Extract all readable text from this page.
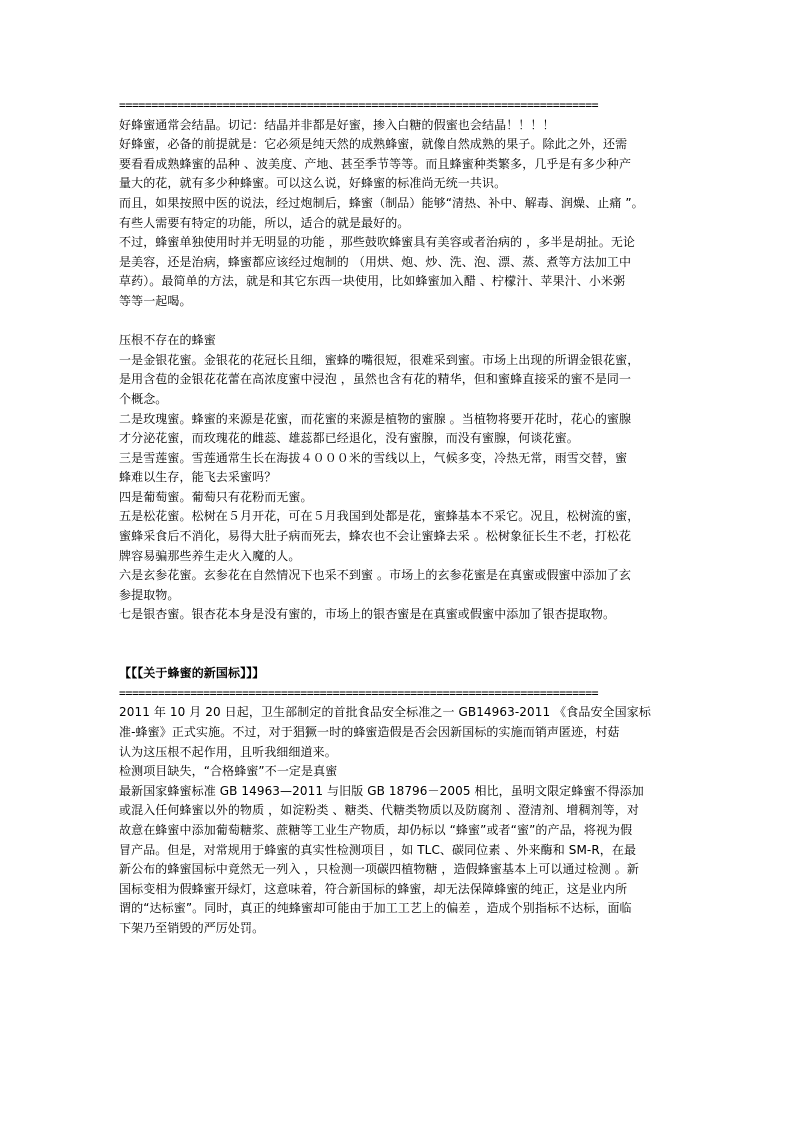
==========================================================================
好蜂蜜通常会结晶。切记：结晶并非都是好蜜，掺入白糖的假蜜也会结晶！！！！
好蜂蜜，必备的前提就是：它必须是纯天然的成熟蜂蜜，就像自然成熟的果子。除此之外，还需
要看看成熟蜂蜜的品种 、波美度、产地、甚至季节等等。而且蜂蜜种类繁多，几乎是有多少种产
量大的花，就有多少种蜂蜜。可以这么说，好蜂蜜的标准尚无统一共识。
而且，如果按照中医的说法，经过炮制后，蜂蜜（制品）能够“清热、补中、解毒、润燥、止痛 ”。
有些人需要有特定的功能，所以，适合的就是最好的。
不过，蜂蜜单独使用时并无明显的功能 ，那些鼓吹蜂蜜具有美容或者治病的 ，多半是胡扯。无论
是美容，还是治病，蜂蜜都应该经过炮制的 （用烘、炮、炒、洗、泡、漂、蒸、煮等方法加工中
草药）。最简单的方法，就是和其它东西一块使用，比如蜂蜜加入醋 、柠檬汁、苹果汁、小米粥
等等一起喝。
压根不存在的蜂蜜
一是金银花蜜。金银花的花冠长且细，蜜蜂的嘴很短，很难采到蜜。市场上出现的所谓金银花蜜，
是用含苞的金银花花蕾在高浓度蜜中浸泡 ，虽然也含有花的精华，但和蜜蜂直接采的蜜不是同一
个概念。
二是玫瑰蜜。蜂蜜的来源是花蜜，而花蜜的来源是植物的蜜腺 。当植物将要开花时，花心的蜜腺
才分泌花蜜，而玫瑰花的雌蕊、雄蕊都已经退化，没有蜜腺，而没有蜜腺，何谈花蜜。
三是雪莲蜜。雪莲通常生长在海拔４０００米的雪线以上，气候多变，冷热无常，雨雪交替，蜜
蜂难以生存，能飞去采蜜吗？
四是葡萄蜜。葡萄只有花粉而无蜜。
五是松花蜜。松树在５月开花，可在５月我国到处都是花，蜜蜂基本不采它。况且，松树流的蜜，
蜜蜂采食后不消化，易得大肚子病而死去，蜂农也不会让蜜蜂去采 。松树象征长生不老，打松花
牌容易骗那些养生走火入魔的人。
六是玄参花蜜。玄参花在自然情况下也采不到蜜 。市场上的玄参花蜜是在真蜜或假蜜中添加了玄
参提取物。
七是银杏蜜。银杏花本身是没有蜜的，市场上的银杏蜜是在真蜜或假蜜中添加了银杏提取物。
【【【关于蜂蜜的新国标】】】
==========================================================================
2011 年 10 月 20 日起，卫生部制定的首批食品安全标准之一 GB14963-2011 《食品安全国家标
准-蜂蜜》正式实施。不过，对于猖獗一时的蜂蜜造假是否会因新国标的实施而销声匿迹，村菇
认为这压根不起作用，且听我细细道来。
检测项目缺失，“合格蜂蜜”不一定是真蜜
最新国家蜂蜜标准 GB 14963—2011 与旧版 GB 18796－2005 相比，虽明文限定蜂蜜不得添加
或混入任何蜂蜜以外的物质 ，如淀粉类 、糖类、代糖类物质以及防腐剂 、澄清剂、增稠剂等，对
故意在蜂蜜中添加葡萄糖浆、蔗糖等工业生产物质，却仍标以 “蜂蜜”或者“蜜”的产品，将视为假
冒产品。但是，对常规用于蜂蜜的真实性检测项目 ，如 TLC、碳同位素 、外来酶和 SM-R，在最
新公布的蜂蜜国标中竟然无一列入 ，只检测一项碳四植物糖 ，造假蜂蜜基本上可以通过检测 。新
国标变相为假蜂蜜开绿灯，这意味着，符合新国标的蜂蜜，却无法保障蜂蜜的纯正，这是业内所
谓的“达标蜜”。同时，真正的纯蜂蜜却可能由于加工工艺上的偏差 ，造成个别指标不达标，面临
下架乃至销毁的严厉处罚。
